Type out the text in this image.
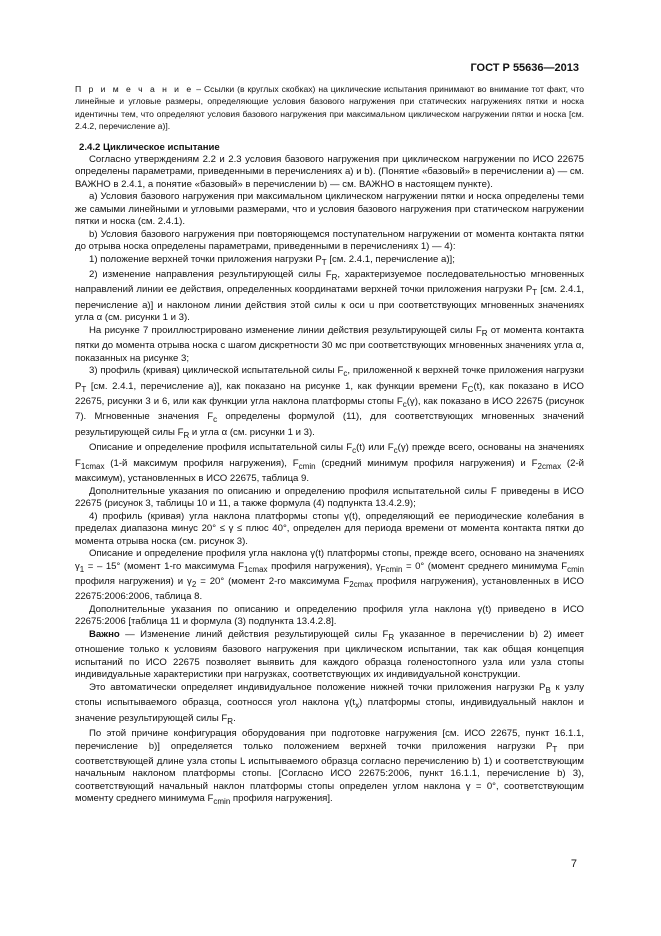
ГОСТ Р 55636—2013

П р и м е ч а н и е – Ссылки (в круглых скобках) на циклические испытания принимают во внимание тот факт, что линейные и угловые размеры, определяющие условия базового нагружения при статических нагружениях пятки и носка идентичны тем, что определяют условия базового нагружения при максимальном циклическом нагружении пятки и носка [см. 2.4.2, перечисление a)].

2.4.2 Циклическое испытание

Согласно утверждениям 2.2 и 2.3 условия базового нагружения при циклическом нагружении по ИСО 22675 определены параметрами, приведенными в перечислениях a) и b). (Понятие «базовый» в перечислении a) — см. ВАЖНО в 2.4.1, а понятие «базовый» в перечислении b) — см. ВАЖНО в настоящем пункте).

a) Условия базового нагружения при максимальном циклическом нагружении пятки и носка определены теми же самыми линейными и угловыми размерами, что и условия базового нагружения при статическом нагружении пятки и носка (см. 2.4.1).

b) Условия базового нагружения при повторяющемся поступательном нагружении от момента контакта пятки до отрыва носка определены параметрами, приведенными в перечислениях 1) — 4):

1) положение верхней точки приложения нагрузки $P_T$ [см. 2.4.1, перечисление a)];

2) изменение направления результирующей силы $F_R$, характеризуемое последовательностью мгновенных направлений линии ее действия, определенных координатами верхней точки приложения нагрузки $P_T$ [см. 2.4.1, перечисление a)] и наклоном линии действия этой силы к оси u при соответствующих мгновенных значениях угла α (см. рисунки 1 и 3).

На рисунке 7 проиллюстрировано изменение линии действия результирующей силы $F_R$ от момента контакта пятки до момента отрыва носка с шагом дискретности 30 мс при соответствующих мгновенных значениях угла α, показанных на рисунке 3;

3) профиль (кривая) циклической испытательной силы $F_c$, приложенной к верхней точке приложения нагрузки $P_T$ [см. 2.4.1, перечисление a)], как показано на рисунке 1, как функции времени $F_C(t)$, как показано в ИСО 22675, рисунки 3 и 6, или как функции угла наклона платформы стопы $F_c(\gamma)$, как показано в ИСО 22675 (рисунок 7). Мгновенные значения $F_c$ определены формулой (11), для соответствующих мгновенных значений результирующей силы $F_R$ и угла α (см. рисунки 1 и 3).

Описание и определение профиля испытательной силы $F_c(t)$ или $F_c(\gamma)$ прежде всего, основаны на значениях $F_{1cmax}$ (1-й максимум профиля нагружения), $F_{cmin}$ (средний минимум профиля нагружения) и $F_{2cmax}$ (2-й максимум), установленных в ИСО 22675, таблица 9.

Дополнительные указания по описанию и определению профиля испытательной силы F приведены в ИСО 22675 (рисунок 3, таблицы 10 и 11, а также формула (4) подпункта 13.4.2.9);

4) профиль (кривая) угла наклона платформы стопы γ(t), определяющий ее периодические колебания в пределах диапазона минус 20° ≤ γ ≤ плюс 40°, определен для периода времени от момента контакта пятки до момента отрыва носка (см. рисунок 3).

Описание и определение профиля угла наклона γ(t) платформы стопы, прежде всего, основано на значениях $\gamma_1$ = – 15° (момент 1-го максимума $F_{1cmax}$ профиля нагружения), $\gamma_{Fcmin} = 0^\circ$ (момент среднего минимума $F_{cmin}$ профиля нагружения) и $\gamma_2 = 20^\circ$ (момент 2-го максимума $F_{2cmax}$ профиля нагружения), установленных в ИСО 22675:2006:2006, таблица 8.

Дополнительные указания по описанию и определению профиля угла наклона γ(t) приведено в ИСО 22675:2006 [таблица 11 и формула (3) подпункта 13.4.2.8].

Важно — Изменение линий действия результирующей силы $F_R$ указанное в перечислении b) 2) имеет отношение только к условиям базового нагружения при циклическом испытании, так как общая концепция испытаний по ИСО 22675 позволяет выявить для каждого образца голеностопного узла или узла стопы индивидуальные характеристики при нагрузках, соответствующих их индивидуальной конструкции.

Это автоматически определяет индивидуальное положение нижней точки приложения нагрузки $P_B$ к узлу стопы испытываемого образца, соотносся угол наклона $\gamma(t_x)$ платформы стопы, индивидуальный наклон и значение результирующей силы $F_R$.

По этой причине конфигурация оборудования при подготовке нагружения [см. ИСО 22675, пункт 16.1.1, перечисление b)] определяется только положением верхней точки приложения нагрузки $P_T$ при соответствующей длине узла стопы L испытываемого образца согласно перечислению b) 1) и соответствующим начальным наклоном платформы стопы. [Согласно ИСО 22675:2006, пункт 16.1.1, перечисление b) 3), соответствующий начальный наклон платформы стопы определен углом наклона γ = 0°, соответствующим моменту среднего минимума $F_{cmin}$ профиля нагружения].

7
